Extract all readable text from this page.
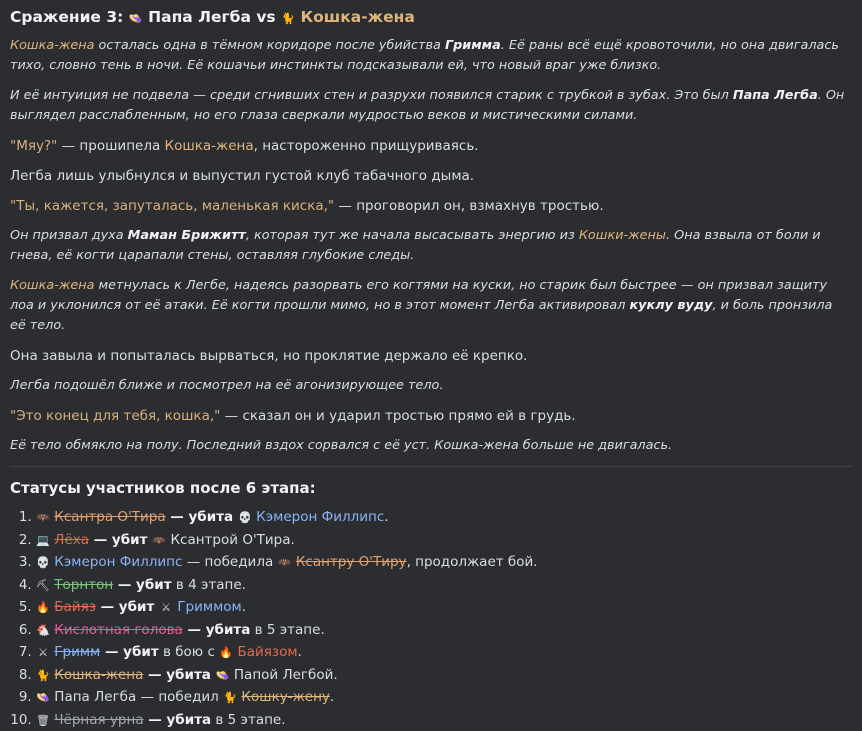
Сражение 3: 👒 Папа Легба vs 🐈 Кошка-жена

Кошка-жена осталась одна в тёмном коридоре после убийства Гримма. Её раны всё ещё кровоточили, но она двигалась тихо, словно тень в ночи. Её кошачьи инстинкты подсказывали ей, что новый враг уже близко.

И её интуиция не подвела — среди сгнивших стен и разрухи появился старик с трубкой в зубах. Это был Папа Легба. Он выглядел расслабленным, но его глаза сверкали мудростью веков и мистическими силами.

"Мяу?" — прошипела Кошка-жена, настороженно прищуриваясь.

Легба лишь улыбнулся и выпустил густой клуб табачного дыма.

"Ты, кажется, запуталась, маленькая киска," — проговорил он, взмахнув тростью.

Он призвал духа Маман Брижитт, которая тут же начала высасывать энергию из Кошки-жены. Она взвыла от боли и гнева, её когти царапали стены, оставляя глубокие следы.

Кошка-жена метнулась к Легбе, надеясь разорвать его когтями на куски, но старик был быстрее — он призвал защиту лоа и уклонился от её атаки. Её когти прошли мимо, но в этот момент Легба активировал куклу вуду, и боль пронзила её тело.

Она завыла и попыталась вырваться, но проклятие держало её крепко.

Легба подошёл ближе и посмотрел на её агонизирующее тело.

"Это конец для тебя, кошка," — сказал он и ударил тростью прямо ей в грудь.

Её тело обмякло на полу. Последний вздох сорвался с её уст. Кошка-жена больше не двигалась.

Статусы участников после 6 этапа:
1. 🦇 Ксантра О'Тира — убита 💀 Кэмерон Филлипс.
2. 💻 Лёха — убит 🦇 Ксантрой О'Тира.
3. 💀 Кэмерон Филлипс — победила 🦇 Ксантру О'Тиру, продолжает бой.
4. ⛏ Торнтон — убит в 4 этапе.
5. 🔥 Байяз — убит ⚔ Гриммом.
6. 🐔 Кислотная голова — убита в 5 этапе.
7. ⚔ Гримм — убит в бою с 🔥 Байязом.
8. 🐈 Кошка-жена — убита 👒 Папой Легбой.
9. 👒 Папа Легба — победил 🐈 Кошку-жену.
10. 🗑 Чёрная урна — убита в 5 этапе.
